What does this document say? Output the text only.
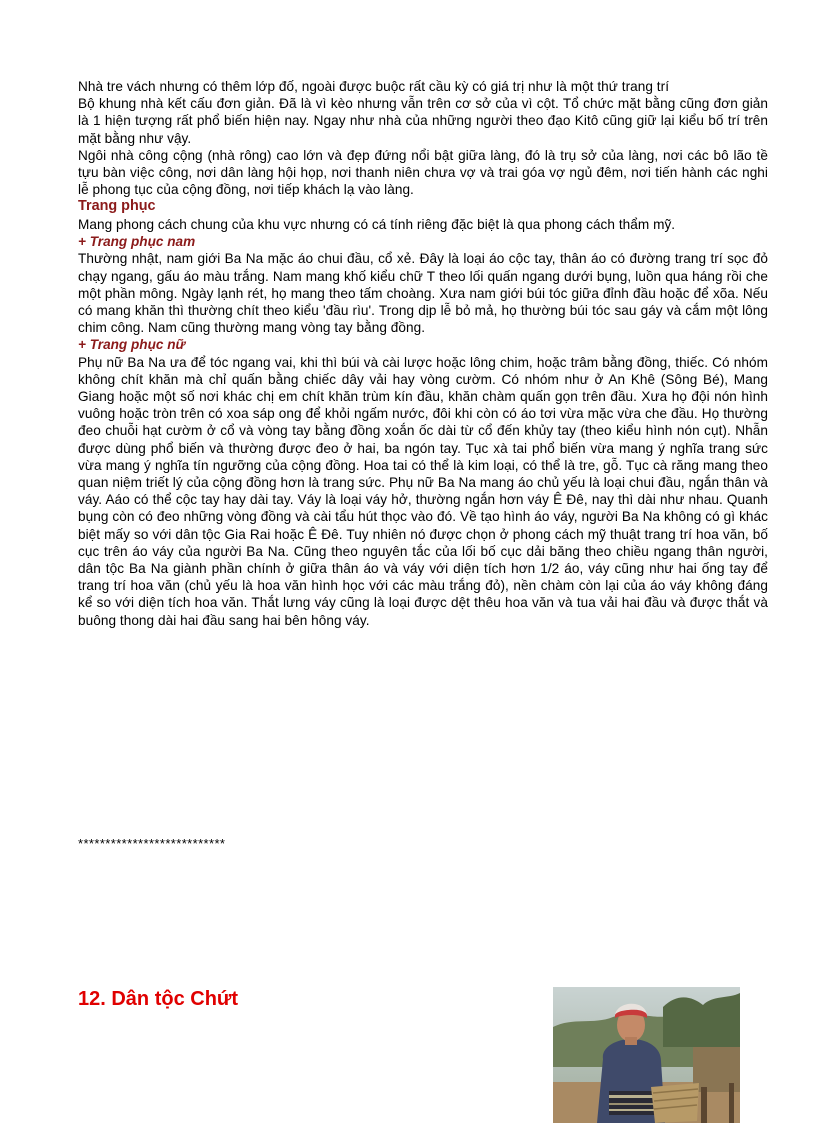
Nhà tre vách nhưng có thêm lớp đố, ngoài được buộc rất cầu kỳ có giá trị như là một thứ trang trí

Bộ khung nhà kết cấu đơn giản. Đã là vì kèo nhưng vẫn trên cơ sở của vì cột. Tổ chức mặt bằng cũng đơn giản là 1 hiện tượng rất phổ biến hiện nay. Ngay như nhà của những người theo đạo Kitô cũng giữ lại kiểu bố trí trên mặt bằng như vậy.

Ngôi nhà công cộng (nhà rông) cao lớn và đẹp đứng nổi bật giữa làng, đó là trụ sở của làng, nơi các bô lão tề tựu bàn việc công, nơi dân làng hội họp, nơi thanh niên chưa vợ và trai góa vợ ngủ đêm, nơi tiến hành các nghi lễ phong tục của cộng đồng, nơi tiếp khách lạ vào làng.

Trang phục

Mang phong cách chung của khu vực nhưng có cá tính riêng đặc biệt là qua phong cách thẩm mỹ.

+ Trang phục nam

Thường nhật, nam giới Ba Na mặc áo chui đầu, cổ xẻ. Đây là loại áo cộc tay, thân áo có đường trang trí sọc đỏ chạy ngang, gấu áo màu trắng. Nam mang khố kiểu chữ T theo lối quấn ngang dưới bụng, luồn qua háng rồi che một phần mông. Ngày lạnh rét, họ mang theo tấm choàng. Xưa nam giới búi tóc giữa đỉnh đầu hoặc để xõa. Nếu có mang khăn thì thường chít theo kiểu 'đầu rìu'. Trong dịp lễ bỏ mả, họ thường búi tóc sau gáy và cắm một lông chim công. Nam cũng thường mang vòng tay bằng đồng.

+ Trang phục nữ

Phụ nữ Ba Na ưa để tóc ngang vai, khi thì búi và cài lược hoặc lông chim, hoặc trâm bằng đồng, thiếc. Có nhóm không chít khăn mà chỉ quấn bằng chiếc dây vải hay vòng cườm. Có nhóm như ở An Khê (Sông Bé), Mang Giang hoặc một số nơi khác chị em chít khăn trùm kín đầu, khăn chàm quấn gọn trên đầu. Xưa họ đội nón hình vuông hoặc tròn trên có xoa sáp ong để khỏi ngấm nước, đôi khi còn có áo tơi vừa mặc vừa che đầu. Họ thường đeo chuỗi hạt cườm ở cổ và vòng tay bằng đồng xoắn ốc dài từ cổ đến khủy tay (theo kiểu hình nón cụt). Nhẫn được dùng phổ biến và thường được đeo ở hai, ba ngón tay. Tục xà tai phổ biến vừa mang ý nghĩa trang sức vừa mang ý nghĩa tín ngưỡng của cộng đồng. Hoa tai có thể là kim loại, có thể là tre, gỗ. Tục cà răng mang theo quan niệm triết lý của cộng đồng hơn là trang sức. Phụ nữ Ba Na mang áo chủ yếu là loại chui đầu, ngắn thân và váy. Aáo có thể cộc tay hay dài tay. Váy là loại váy hở, thường ngắn hơn váy Ê Đê, nay thì dài như nhau. Quanh bụng còn có đeo những vòng đồng và cài tẩu hút thọc vào đó. Về tạo hình áo váy, người Ba Na không có gì khác biệt mấy so với dân tộc Gia Rai hoặc Ê Đê. Tuy nhiên nó được chọn ở phong cách mỹ thuật trang trí hoa văn, bố cục trên áo váy của người Ba Na. Cũng theo nguyên tắc của lối bố cục dải băng theo chiều ngang thân người, dân tộc Ba Na giành phần chính ở giữa thân áo và váy với diện tích hơn 1/2 áo, váy cũng như hai ống tay để trang trí hoa văn (chủ yếu là hoa văn hình học với các màu trắng đỏ), nền chàm còn lại của áo váy không đáng kể so với diện tích hoa văn. Thắt lưng váy cũng là loại được dệt thêu hoa văn và tua vải hai đầu và được thắt và buông thong dài hai đầu sang hai bên hông váy.

***************************
12. Dân tộc Chứt
